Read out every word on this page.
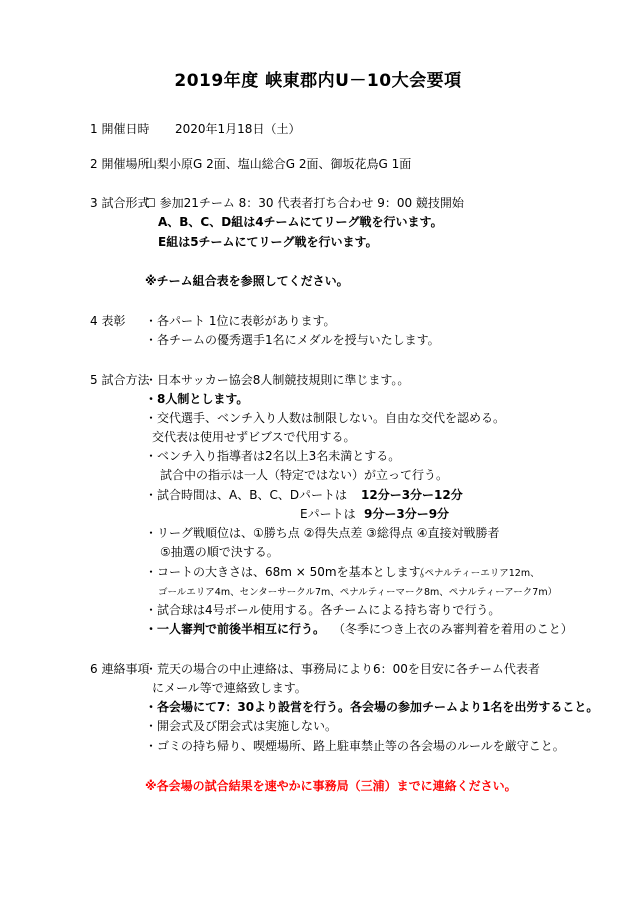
2019年度 峡東郡内U－10大会要項
1 開催日時 2020年1月18日（土）
2 開催場所
山梨小原G 2面、塩山総合G 2面、御坂花鳥G 1面
3 試合形式
☐ 参加21チーム 8：30 代表者打ち合わせ 9：00 競技開始
A、B、C、D組は4チームにてリーグ戦を行います。
E組は5チームにてリーグ戦を行います。
※チーム組合表を参照してください。
4 表彰 ・各パート 1位に表彰があります。
・各チームの優秀選手1名にメダルを授与いたします。
5 試合方法
・日本サッカー協会8人制競技規則に準じます。。
・8人制とします。
・交代選手、ベンチ入り人数は制限しない。自由な交代を認める。
交代表は使用せずビブスで代用する。
・ベンチ入り指導者は2名以上3名未満とする。
試合中の指示は一人（特定ではない）が立って行う。
・試合時間は、A、B、C、Dパートは 12分ー3分ー12分
Eパートは 9分ー3分ー9分
・リーグ戦順位は、①勝ち点 ②得失点差 ③総得点 ④直接対戦勝者
⑤抽選の順で決する。
・コートの大きさは、68m × 50mを基本とします。
（ペナルティーエリア12m、
ゴールエリア4m、センターサークル7m、ペナルティーマーク8m、ペナルティーアーク7m）
・試合球は4号ボール使用する。各チームによる持ち寄りで行う。
・一人審判で前後半相互に行う。 （冬季につき上衣のみ審判着を着用のこと）
6 連絡事項
・荒天の場合の中止連絡は、事務局により6：00を目安に各チーム代表者
にメール等で連絡致します。
・各会場にて7：30より設営を行う。各会場の参加チームより1名を出労すること。
・開会式及び閉会式は実施しない。
・ゴミの持ち帰り、喫煙場所、路上駐車禁止等の各会場のルールを厳守こと。
※各会場の試合結果を速やかに事務局（三浦）までに連絡ください。
